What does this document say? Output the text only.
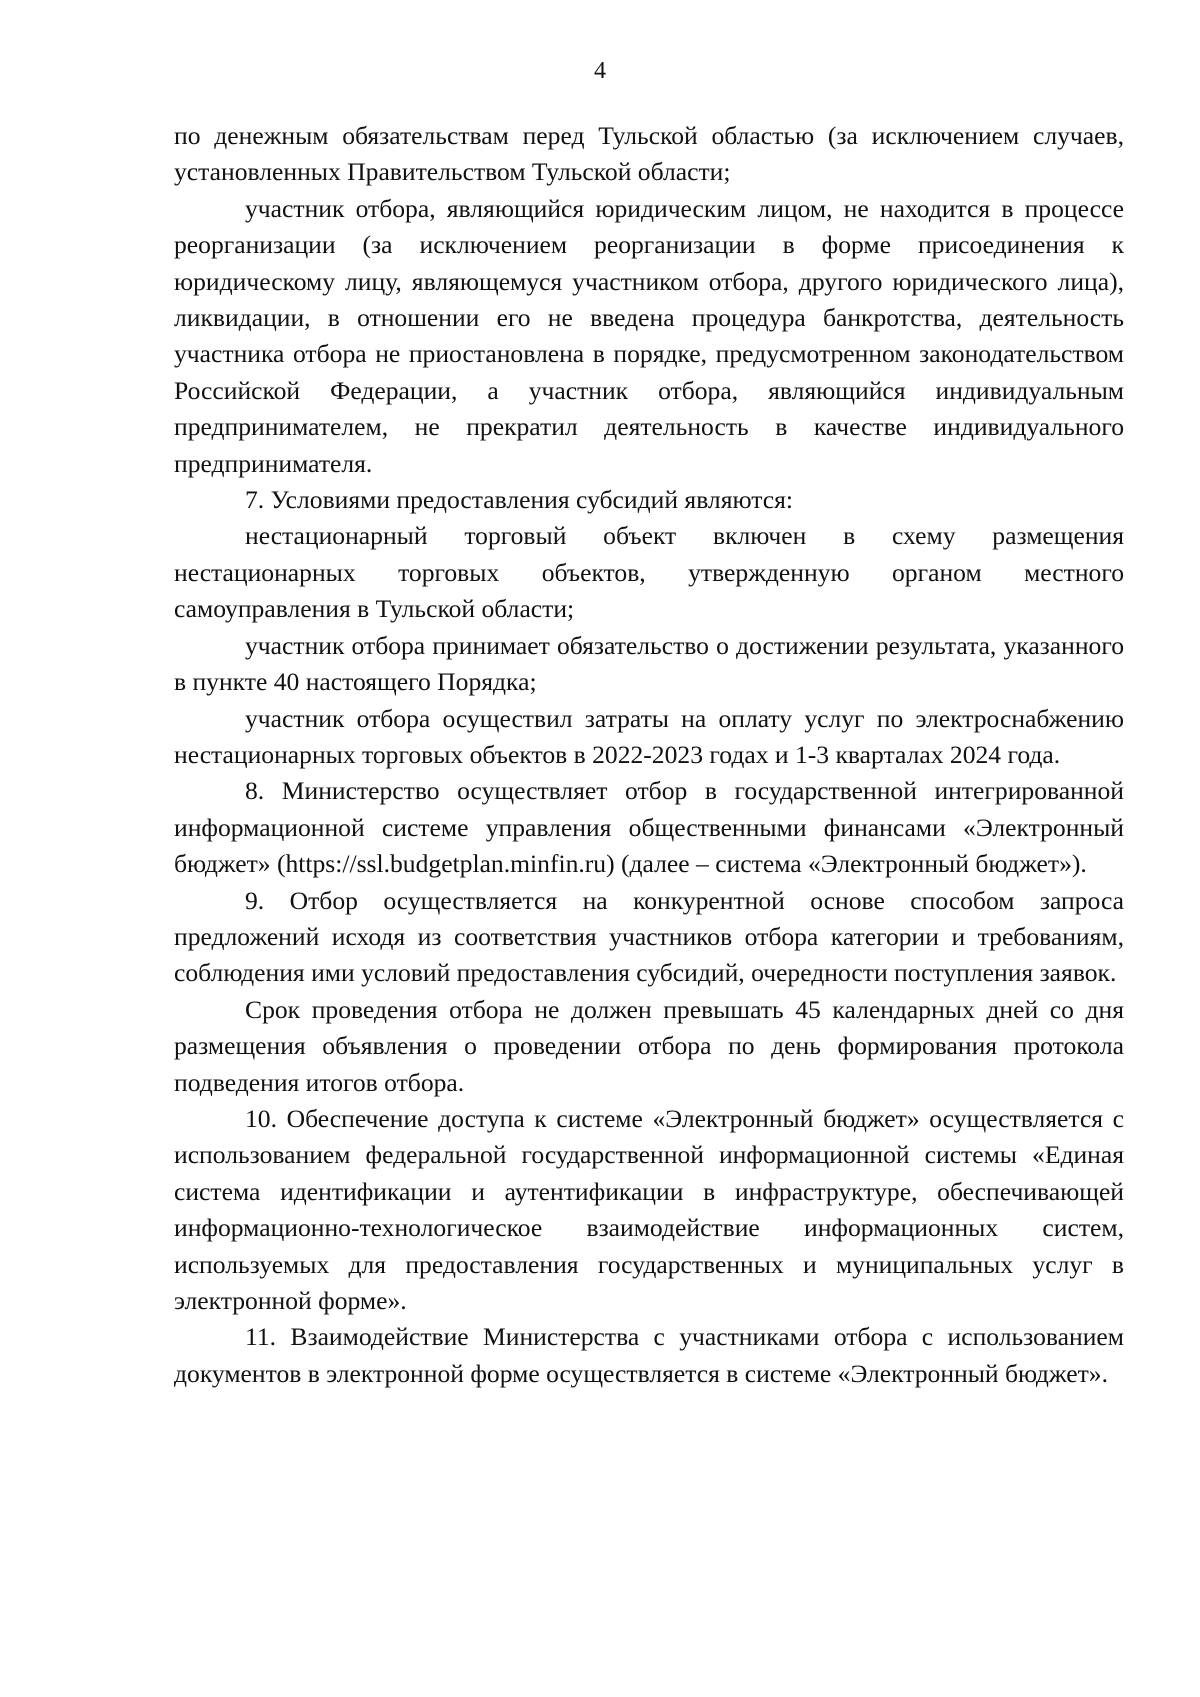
4

по денежным обязательствам перед Тульской областью (за исключением случаев, установленных Правительством Тульской области;

участник отбора, являющийся юридическим лицом, не находится в процессе реорганизации (за исключением реорганизации в форме присоединения к юридическому лицу, являющемуся участником отбора, другого юридического лица), ликвидации, в отношении его не введена процедура банкротства, деятельность участника отбора не приостановлена в порядке, предусмотренном законодательством Российской Федерации, а участник отбора, являющийся индивидуальным предпринимателем, не прекратил деятельность в качестве индивидуального предпринимателя.

7. Условиями предоставления субсидий являются:

нестационарный торговый объект включен в схему размещения нестационарных торговых объектов, утвержденную органом местного самоуправления в Тульской области;

участник отбора принимает обязательство о достижении результата, указанного в пункте 40 настоящего Порядка;

участник отбора осуществил затраты на оплату услуг по электроснабжению нестационарных торговых объектов в 2022-2023 годах и 1-3 кварталах 2024 года.

8. Министерство осуществляет отбор в государственной интегрированной информационной системе управления общественными финансами «Электронный бюджет» (https://ssl.budgetplan.minfin.ru) (далее – система «Электронный бюджет»).

9. Отбор осуществляется на конкурентной основе способом запроса предложений исходя из соответствия участников отбора категории и требованиям, соблюдения ими условий предоставления субсидий, очередности поступления заявок.

Срок проведения отбора не должен превышать 45 календарных дней со дня размещения объявления о проведении отбора по день формирования протокола подведения итогов отбора.

10. Обеспечение доступа к системе «Электронный бюджет» осуществляется с использованием федеральной государственной информационной системы «Единая система идентификации и аутентификации в инфраструктуре, обеспечивающей информационно-технологическое взаимодействие информационных систем, используемых для предоставления государственных и муниципальных услуг в электронной форме».

11. Взаимодействие Министерства с участниками отбора с использованием документов в электронной форме осуществляется в системе «Электронный бюджет».
